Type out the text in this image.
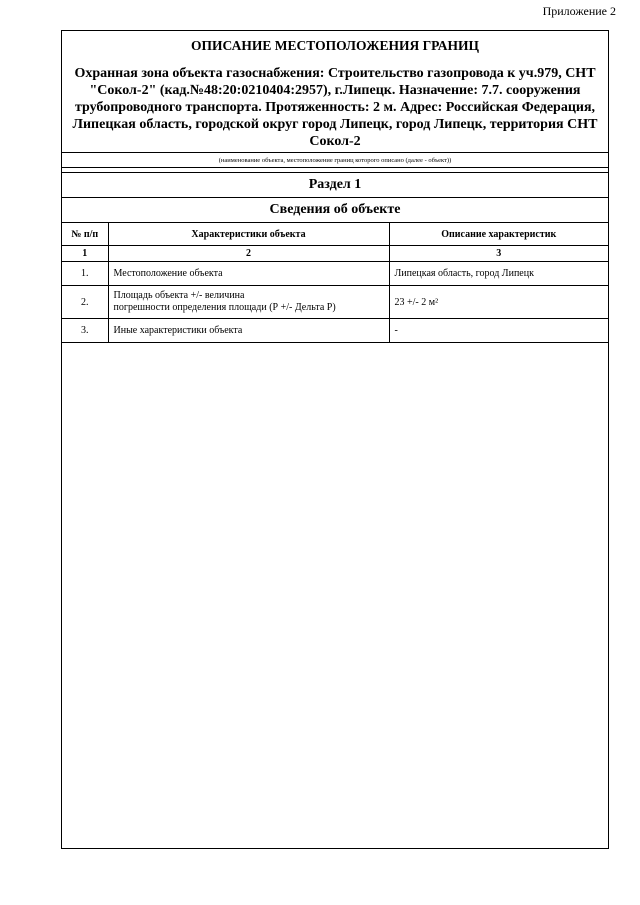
Приложение 2
ОПИСАНИЕ МЕСТОПОЛОЖЕНИЯ ГРАНИЦ
Охранная зона объекта газоснабжения: Строительство газопровода к уч.979, СНТ "Сокол-2" (кад.№48:20:0210404:2957), г.Липецк. Назначение: 7.7. сооружения трубопроводного транспорта. Протяженность: 2 м. Адрес: Российская Федерация, Липецкая область, городской округ город Липецк, город Липецк, территория СНТ Сокол-2
(наименование объекта, местоположение границ которого описано (далее - объект))
Раздел 1
Сведения об объекте
№ п/п	Характеристики объекта	Описание характеристик
1	2	3
1.	Местоположение объекта	Липецкая область, город Липецк
2.	Площадь объекта +/- величина
погрешности определения площади (Р +/- Дельта Р)	23 +/- 2 м²
3.	Иные характеристики объекта	-
